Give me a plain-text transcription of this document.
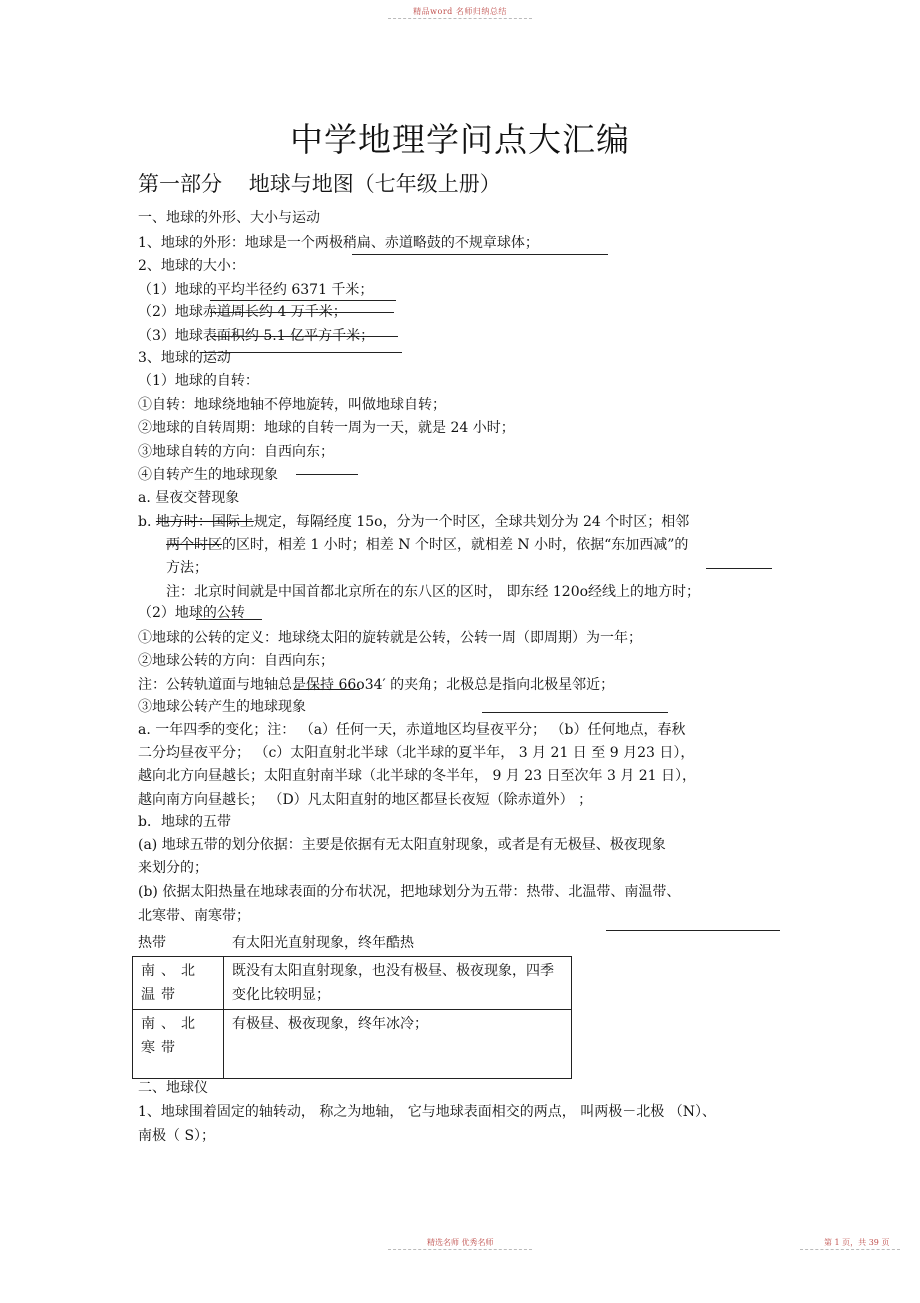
精品word 名师归纳总结
中学地理学问点大汇编
第一部分    地球与地图（七年级上册）
一、地球的外形、大小与运动
1、地球的外形：地球是一个两极稍扁、赤道略鼓的不规章球体；
2、地球的大小：
（1）地球的平均半径约 6371 千米；
（2）地球赤道周长约 4 万千米；
（3）地球表面积约 5.1 亿平方千米；
3、地球的运动
（1）地球的自转：
①自转：地球绕地轴不停地旋转，叫做地球自转；
②地球的自转周期：地球的自转一周为一天，就是 24 小时；
③地球自转的方向：自西向东；
④自转产生的地球现象
a. 昼夜交替现象
b. 地方时：国际上规定，每隔经度 15o，分为一个时区，全球共划分为 24 个时区；相邻
两个时区的区时，相差 1 小时；相差 N 个时区，就相差 N 小时，依据“东加西减”的
方法；
注：北京时间就是中国首都北京所在的东八区的区时， 即东经 120o经线上的地方时；
（2）地球的公转
①地球的公转的定义：地球绕太阳的旋转就是公转，公转一周（即周期）为一年；
②地球公转的方向：自西向东；
注：公转轨道面与地轴总是保持 66o34′ 的夹角；北极总是指向北极星邻近；
③地球公转产生的地球现象
a. 一年四季的变化；注： （a）任何一天，赤道地区均昼夜平分； （b）任何地点，春秋
二分均昼夜平分； （c）太阳直射北半球（北半球的夏半年， 3 月 21 日 至 9 月23 日），
越向北方向昼越长；太阳直射南半球（北半球的冬半年， 9 月 23 日至次年 3 月 21 日），
越向南方向昼越长； （D）凡太阳直射的地区都昼长夜短（除赤道外） ；
b．地球的五带
(a) 地球五带的划分依据：主要是依据有无太阳直射现象，或者是有无极昼、极夜现象
来划分的；
(b) 依据太阳热量在地球表面的分布状况，把地球划分为五带：热带、北温带、南温带、
北寒带、南寒带；
热带	有太阳光直射现象，终年酷热
南、北温带	既没有太阳直射现象，也没有极昼、极夜现象，四季变化比较明显；
南、北寒带	有极昼、极夜现象，终年冰冷；
二、地球仪
1、地球围着固定的轴转动， 称之为地轴， 它与地球表面相交的两点， 叫两极－北极 （N）、
南极（ S）；
精选名师 优秀名师	第 1 页，共 39 页
